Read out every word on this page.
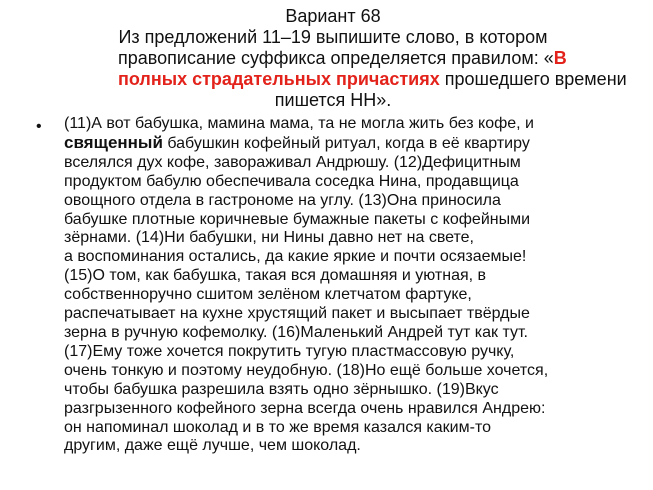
Вариант 68
Из предложений 11–19 выпишите слово, в котором
правописание суффикса определяется правилом: «В
полных страдательных причастиях прошедшего времени
пишется НН».
• (11)А вот бабушка, мамина мама, та не могла жить без кофе, и
священный бабушкин кофейный ритуал, когда в её квартиру
вселялся дух кофе, завораживал Андрюшу. (12)Дефицитным
продуктом бабулю обеспечивала соседка Нина, продавщица
овощного отдела в гастрономе на углу. (13)Она приносила
бабушке плотные коричневые бумажные пакеты с кофейными
зёрнами. (14)Ни бабушки, ни Нины давно нет на свете,
а воспоминания остались, да какие яркие и почти осязаемые!
(15)О том, как бабушка, такая вся домашняя и уютная, в
собственноручно сшитом зелёном клетчатом фартуке,
распечатывает на кухне хрустящий пакет и высыпает твёрдые
зерна в ручную кофемолку. (16)Маленький Андрей тут как тут.
(17)Ему тоже хочется покрутить тугую пластмассовую ручку,
очень тонкую и поэтому неудобную. (18)Но ещё больше хочется,
чтобы бабушка разрешила взять одно зёрнышко. (19)Вкус
разгрызенного кофейного зерна всегда очень нравился Андрею:
он напоминал шоколад и в то же время казался каким-то
другим, даже ещё лучше, чем шоколад.
